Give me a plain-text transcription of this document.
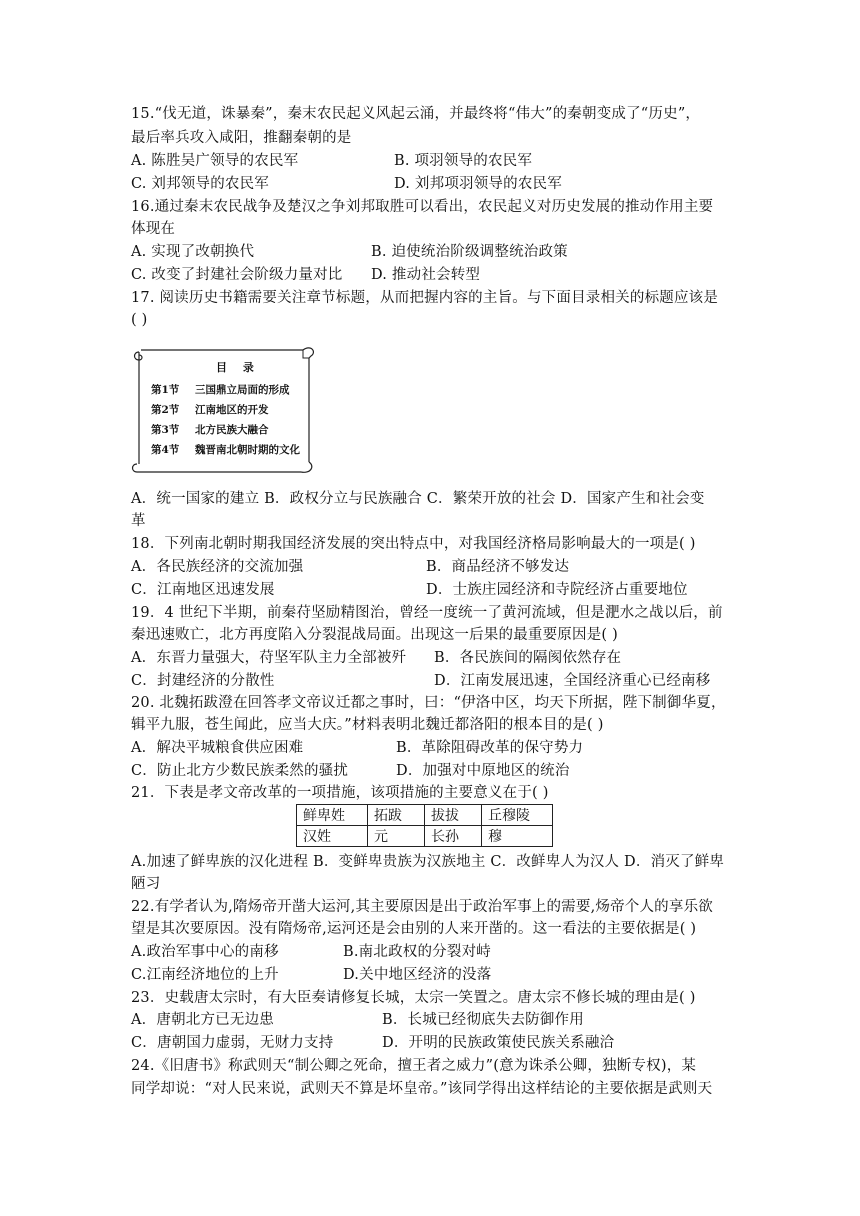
15.“伐无道，诛暴秦”，秦末农民起义风起云涌，并最终将“伟大”的秦朝变成了“历史”，
最后率兵攻入咸阳，推翻秦朝的是
A. 陈胜吴广领导的农民军	B. 项羽领导的农民军
C. 刘邦领导的农民军	D. 刘邦项羽领导的农民军
16.通过秦末农民战争及楚汉之争刘邦取胜可以看出，农民起义对历史发展的推动作用主要
体现在
A. 实现了改朝换代	B. 迫使统治阶级调整统治政策
C. 改变了封建社会阶级力量对比 D. 推动社会转型
17. 阅读历史书籍需要关注章节标题，从而把握内容的主旨。与下面目录相关的标题应该是
( )
目 录
第1节 三国鼎立局面的形成
第2节 江南地区的开发
第3节 北方民族大融合
第4节 魏晋南北朝时期的文化
A．统一国家的建立 B．政权分立与民族融合 C．繁荣开放的社会 D．国家产生和社会变
革
18．下列南北朝时期我国经济发展的突出特点中，对我国经济格局影响最大的一项是( )
A．各民族经济的交流加强	B．商品经济不够发达
C．江南地区迅速发展	D．士族庄园经济和寺院经济占重要地位
19．4 世纪下半期，前秦苻坚励精图治，曾经一度统一了黄河流域，但是淝水之战以后，前
秦迅速败亡，北方再度陷入分裂混战局面。出现这一后果的最重要原因是( )
A．东晋力量强大，苻坚军队主力全部被歼 B．各民族间的隔阂依然存在
C．封建经济的分散性	D．江南发展迅速，全国经济重心已经南移
20. 北魏拓跋澄在回答孝文帝议迁都之事时，曰：“伊洛中区，均天下所据，陛下制御华夏，
辑平九服，苍生闻此，应当大庆。”材料表明北魏迁都洛阳的根本目的是( )
A．解决平城粮食供应困难	B．革除阻碍改革的保守势力
C．防止北方少数民族柔然的骚扰	D．加强对中原地区的统治
21．下表是孝文帝改革的一项措施，该项措施的主要意义在于( )
鲜卑姓	拓跋	拔拔	丘穆陵
汉姓	元	长孙	穆
A.加速了鲜卑族的汉化进程 B．变鲜卑贵族为汉族地主 C．改鲜卑人为汉人 D．消灭了鲜卑
陋习
22.有学者认为,隋炀帝开凿大运河,其主要原因是出于政治军事上的需要,炀帝个人的享乐欲
望是其次要原因。没有隋炀帝,运河还是会由别的人来开凿的。这一看法的主要依据是( )
A.政治军事中心的南移	B.南北政权的分裂对峙
C.江南经济地位的上升	D.关中地区经济的没落
23．史载唐太宗时，有大臣奏请修复长城，太宗一笑置之。唐太宗不修长城的理由是( )
A．唐朝北方已无边患	B．长城已经彻底失去防御作用
C．唐朝国力虚弱，无财力支持	D．开明的民族政策使民族关系融洽
24.《旧唐书》称武则天“制公卿之死命，擅王者之威力”(意为诛杀公卿，独断专权)，某
同学却说：“对人民来说，武则天不算是坏皇帝。”该同学得出这样结论的主要依据是武则天
